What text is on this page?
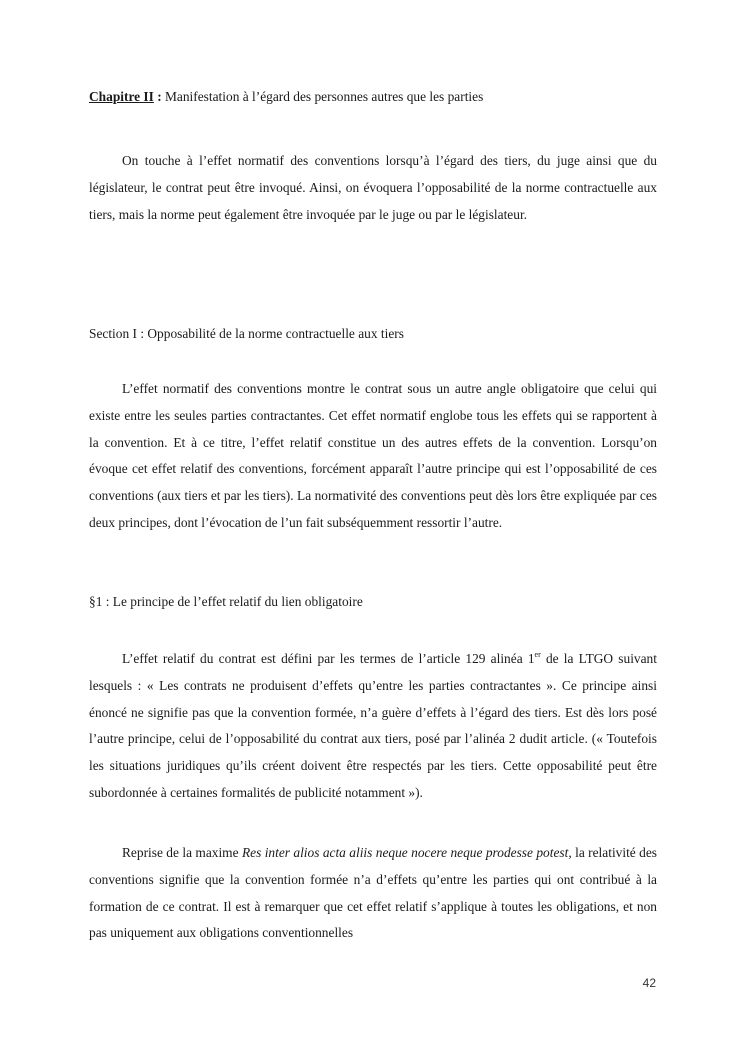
Chapitre II : Manifestation à l’égard des personnes autres que les parties

On touche à l’effet normatif des conventions lorsqu’à l’égard des tiers, du juge ainsi que du législateur, le contrat peut être invoqué. Ainsi, on évoquera l’opposabilité de la norme contractuelle aux tiers, mais la norme peut également être invoquée par le juge ou par le législateur.

Section I : Opposabilité de la norme contractuelle aux tiers

L’effet normatif des conventions montre le contrat sous un autre angle obligatoire que celui qui existe entre les seules parties contractantes. Cet effet normatif englobe tous les effets qui se rapportent à la convention. Et à ce titre, l’effet relatif constitue un des autres effets de la convention. Lorsqu’on évoque cet effet relatif des conventions, forcément apparaît l’autre principe qui est l’opposabilité de ces conventions (aux tiers et par les tiers). La normativité des conventions peut dès lors être expliquée par ces deux principes, dont l’évocation de l’un fait subséquemment ressortir l’autre.

§1 : Le principe de l’effet relatif du lien obligatoire

L’effet relatif du contrat est défini par les termes de l’article 129 alinéa 1er de la LTGO suivant lesquels : « Les contrats ne produisent d’effets qu’entre les parties contractantes ». Ce principe ainsi énoncé ne signifie pas que la convention formée, n’a guère d’effets à l’égard des tiers. Est dès lors posé l’autre principe, celui de l’opposabilité du contrat aux tiers, posé par l’alinéa 2 dudit article. (« Toutefois les situations juridiques qu’ils créent doivent être respectés par les tiers. Cette opposabilité peut être subordonnée à certaines formalités de publicité notamment »).

Reprise de la maxime Res inter alios acta aliis neque nocere neque prodesse potest, la relativité des conventions signifie que la convention formée n’a d’effets qu’entre les parties qui ont contribué à la formation de ce contrat. Il est à remarquer que cet effet relatif s’applique à toutes les obligations, et non pas uniquement aux obligations conventionnelles

42
